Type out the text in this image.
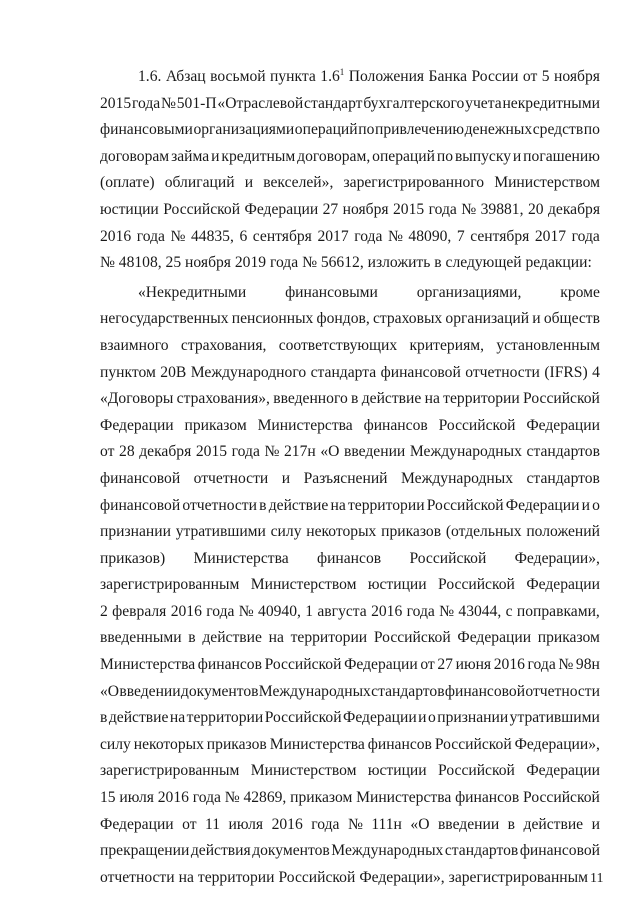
1.6. Абзац восьмой пункта $1.6^1$ Положения Банка России от 5 ноября
2015 года № 501-П «Отраслевой стандарт бухгалтерского учета некредитными
финансовыми организациями операций по привлечению денежных средств по
договорам займа и кредитным договорам, операций по выпуску и погашению
(оплате) облигаций и векселей», зарегистрированного Министерством
юстиции Российской Федерации 27 ноября 2015 года № 39881, 20 декабря
2016 года № 44835, 6 сентября 2017 года № 48090, 7 сентября 2017 года
№ 48108, 25 ноября 2019 года № 56612, изложить в следующей редакции:
«Некредитными финансовыми организациями, кроме
негосударственных пенсионных фондов, страховых организаций и обществ
взаимного страхования, соответствующих критериям, установленным
пунктом 20В Международного стандарта финансовой отчетности (IFRS) 4
«Договоры страхования», введенного в действие на территории Российской
Федерации приказом Министерства финансов Российской Федерации
от 28 декабря 2015 года № 217н «О введении Международных стандартов
финансовой отчетности и Разъяснений Международных стандартов
финансовой отчетности в действие на территории Российской Федерации и о
признании утратившими силу некоторых приказов (отдельных положений
приказов) Министерства финансов Российской Федерации»,
зарегистрированным Министерством юстиции Российской Федерации
2 февраля 2016 года № 40940, 1 августа 2016 года № 43044, с поправками,
введенными в действие на территории Российской Федерации приказом
Министерства финансов Российской Федерации от 27 июня 2016 года № 98н
«О введении документов Международных стандартов финансовой отчетности
в действие на территории Российской Федерации и о признании утратившими
силу некоторых приказов Министерства финансов Российской Федерации»,
зарегистрированным Министерством юстиции Российской Федерации
15 июля 2016 года № 42869, приказом Министерства финансов Российской
Федерации от 11 июля 2016 года № 111н «О введении в действие и
прекращении действия документов Международных стандартов финансовой
отчетности на территории Российской Федерации», зарегистрированным 11
